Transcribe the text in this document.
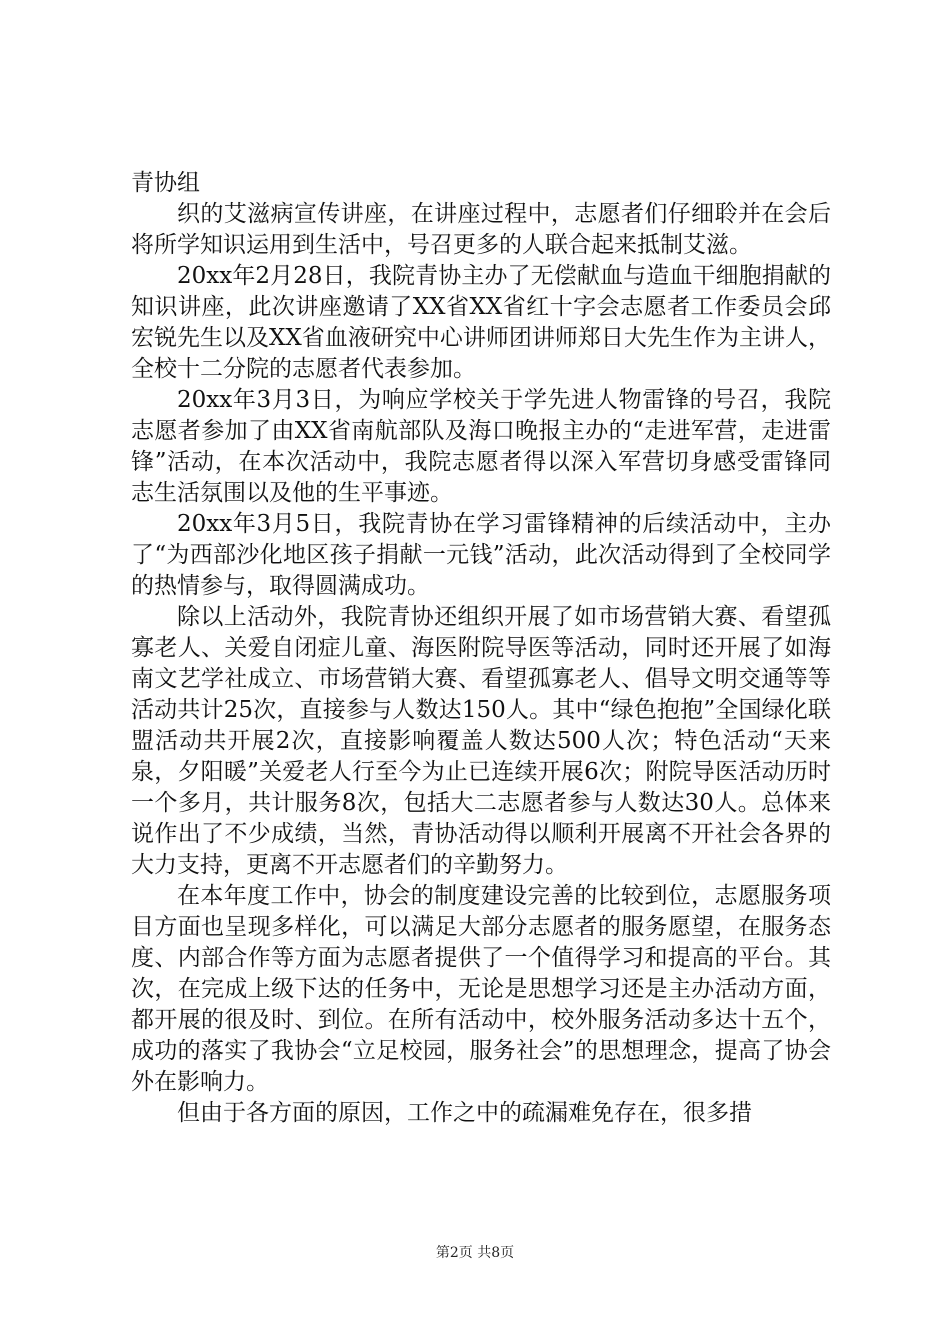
青协组

织的艾滋病宣传讲座，在讲座过程中，志愿者们仔细聆并在会后将所学知识运用到生活中，号召更多的人联合起来抵制艾滋。

20xx年2月28日，我院青协主办了无偿献血与造血干细胞捐献的知识讲座，此次讲座邀请了XX省XX省红十字会志愿者工作委员会邱宏锐先生以及XX省血液研究中心讲师团讲师郑日大先生作为主讲人，全校十二分院的志愿者代表参加。

20xx年3月3日，为响应学校关于学先进人物雷锋的号召，我院志愿者参加了由XX省南航部队及海口晚报主办的“走进军营，走进雷锋”活动，在本次活动中，我院志愿者得以深入军营切身感受雷锋同志生活氛围以及他的生平事迹。

20xx年3月5日，我院青协在学习雷锋精神的后续活动中，主办了“为西部沙化地区孩子捐献一元钱”活动，此次活动得到了全校同学的热情参与，取得圆满成功。

除以上活动外，我院青协还组织开展了如市场营销大赛、看望孤寡老人、关爱自闭症儿童、海医附院导医等活动，同时还开展了如海南文艺学社成立、市场营销大赛、看望孤寡老人、倡导文明交通等等活动共计25次，直接参与人数达150人。其中“绿色抱抱”全国绿化联盟活动共开展2次，直接影响覆盖人数达500人次；特色活动“天来泉，夕阳暖”关爱老人行至今为止已连续开展6次；附院导医活动历时一个多月，共计服务8次，包括大二志愿者参与人数达30人。总体来说作出了不少成绩，当然，青协活动得以顺利开展离不开社会各界的大力支持，更离不开志愿者们的辛勤努力。

在本年度工作中，协会的制度建设完善的比较到位，志愿服务项目方面也呈现多样化，可以满足大部分志愿者的服务愿望，在服务态度、内部合作等方面为志愿者提供了一个值得学习和提高的平台。其次，在完成上级下达的任务中，无论是思想学习还是主办活动方面，都开展的很及时、到位。在所有活动中，校外服务活动多达十五个，成功的落实了我协会“立足校园，服务社会”的思想理念，提高了协会外在影响力。

但由于各方面的原因，工作之中的疏漏难免存在，很多措

第2页 共8页
